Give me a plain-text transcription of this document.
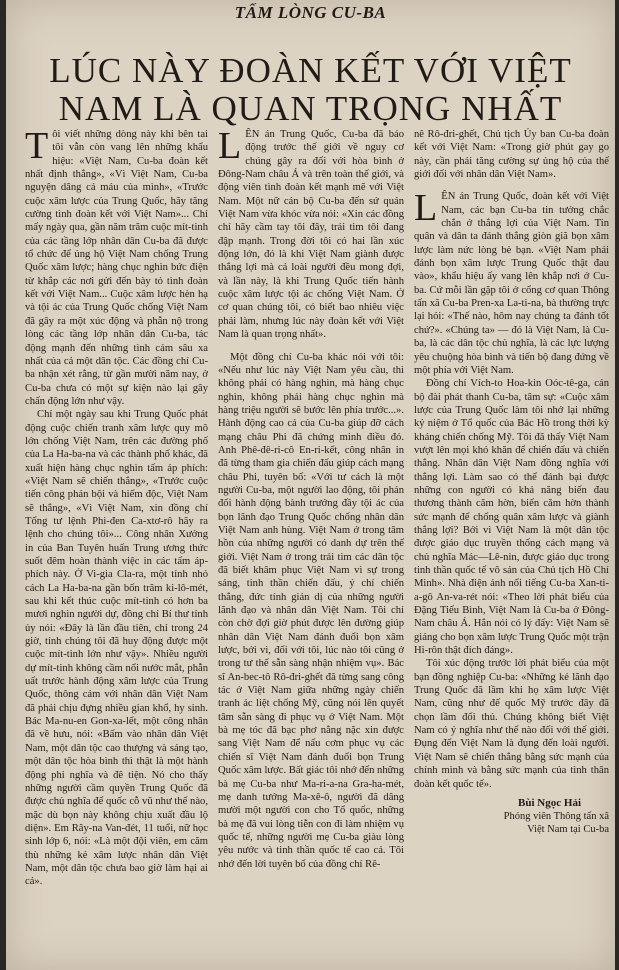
TẤM LÒNG CU-BA
LÚC NÀY ĐOÀN KẾT VỚI VIỆT
NAM LÀ QUAN TRỌNG NHẤT

Tôi viết những dòng này khi bên tai tôi vẫn còn vang lên những khẩu hiệu: «Việt Nam, Cu-ba đoàn kết nhất định thắng», «Vì Việt Nam, Cu-ba nguyện dâng cả máu của mình», «Trước cuộc xâm lược của Trung Quốc, hãy tăng cường tình đoàn kết với Việt Nam»... Chỉ mấy ngày qua, gần năm trăm cuộc mít-tinh của các tầng lớp nhân dân Cu-ba đã được tổ chức để ủng hộ Việt Nam chống Trung Quốc xâm lược; hàng chục nghìn bức điện từ khắp các nơi gửi đến bày tỏ tình đoàn kết với Việt Nam... Cuộc xâm lược hèn hạ và tội ác của Trung Quốc chống Việt Nam đã gây ra một xúc động và phẫn nộ trong lòng các tầng lớp nhân dân Cu-ba, tác động mạnh đến những tình cảm sâu xa nhất của cả một dân tộc. Các đồng chí Cu-ba nhận xét rằng, từ gần mười năm nay, ở Cu-ba chưa có một sự kiện nào lại gây chấn động lớn như vậy.

Chỉ một ngày sau khi Trung Quốc phát động cuộc chiến tranh xâm lược quy mô lớn chống Việt Nam, trên các đường phố của La Ha-ba-na và các thành phố khác, đã xuất hiện hàng chục nghìn tấm áp phích: «Việt Nam sẽ chiến thắng», «Trước cuộc tiến công phản bội và hiếm độc, Việt Nam sẽ thắng», «Vì Việt Nam, xin đồng chí Tổng tư lệnh Phi-đen Ca-xtơ-rô hãy ra lệnh cho chúng tôi»... Công nhân Xưởng in của Ban Tuyên huấn Trung ương thức suốt đêm hoàn thành việc in các tấm áp-phích này. Ở Vi-gia Cla-ra, một tỉnh nhỏ cách La Ha-ba-na gần bốn trăm ki-lô-mét, sau khi kết thúc cuộc mít-tinh có hơn ba mươi nghìn người dự, đồng chí Bí thư tỉnh ủy nói: «Đây là lần đầu tiên, chỉ trong 24 giờ, tỉnh chúng tôi đã huy động được một cuộc mít-tinh lớn như vậy». Nhiều người dự mít-tinh không cầm nổi nước mắt, phẫn uất trước hành động xâm lược của Trung Quốc, thông cảm với nhân dân Việt Nam đã phải chịu đựng nhiều gian khổ, hy sinh. Bác Ma-nu-en Gon-xa-lết, một công nhân đã về hưu, nói: «Bấm vào nhân dân Việt Nam, một dân tộc cao thượng và sáng tạo, một dân tộc hòa bình thì thật là một hành động phi nghĩa và đê tiện. Nó cho thấy những người cầm quyền Trung Quốc đã được chủ nghĩa để quốc cỗ vũ như thế nào, mặc dù bọn này không chịu xuất đầu lộ diện». Em Rây-na Van-đét, 11 tuổi, nữ học sinh lớp 6, nói: «Là một đội viên, em căm thù những kẻ xâm lược nhân dân Việt Nam, một dân tộc chưa bao giờ làm hại ai cả».

LÊN án Trung Quốc, Cu-ba đã báo động trước thế giới về nguy cơ chúng gây ra đối với hòa bình ở Đông-Nam châu Á và trên toàn thế giới, và động viên tình đoàn kết mạnh mẽ với Việt Nam. Một nữ cán bộ Cu-ba đến sứ quán Việt Nam vừa khóc vừa nói: «Xin các đồng chí hãy cầm tay tôi đây, trái tim tôi đang đập mạnh. Trong đời tôi có hai lần xúc động lớn, đó là khi Việt Nam giành được thắng lợi mà cả loài người đều mong đợi, và lần này, là khi Trung Quốc tiến hành cuộc xâm lược tội ác chống Việt Nam. Ở cơ quan chúng tôi, có biết bao nhiêu việc phải làm, nhưng lúc này đoàn kết với Việt Nam là quan trọng nhất».

Một đồng chí Cu-ba khác nói với tôi: «Nếu như lúc này Việt Nam yêu cầu, thì không phải có hàng nghìn, mà hàng chục nghìn, không phải hàng chục nghìn mà hàng triệu người sẽ bước lên phía trước...». Hành động cao cả của Cu-ba giúp đỡ cách mạng châu Phi đã chứng minh điều đó. Anh Phê-đê-ri-cô En-ri-kết, công nhân in đã từng tham gia chiến đấu giúp cách mạng châu Phi, tuyên bố: «Với tư cách là một người Cu-ba, một người lao động, tôi phản đối hành động bành trướng đầy tội ác của bọn lãnh đạo Trung Quốc chống nhân dân Việt Nam anh hùng. Việt Nam ở trong tâm hồn của những người có danh dự trên thế giới. Việt Nam ở trong trái tim các dân tộc đã biết khâm phục Việt Nam vì sự trong sáng, tinh thần chiến đấu, ý chí chiến thắng, đức tính giản dị của những người lãnh đạo và nhân dân Việt Nam. Tôi chỉ còn chờ đợi giờ phút được lên đường giúp nhân dân Việt Nam đánh đuổi bọn xâm lược, bởi vì, đối với tôi, lúc nào tôi cũng ở trong tư thế sẵn sàng nhận nhiệm vụ». Bác sĩ An-bec-tô Rô-đri-ghết đã từng sang công tác ở Việt Nam giữa những ngày chiến tranh ác liệt chống Mỹ, cũng nói lên quyết tâm sẵn sàng đi phục vụ ở Việt Nam. Một bà mẹ tóc đã bạc phơ nằng nặc xin được sang Việt Nam để nấu cơm phục vụ các chiến sĩ Việt Nam đánh đuổi bọn Trung Quốc xâm lược. Bất giác tôi nhớ đến những bà mẹ Cu-ba như Ma-ri-a-na Gra-ha-mét, mẹ danh tướng Ma-xê-ô, người đã dâng mười một người con cho Tổ quốc, những bà mẹ đã vui lòng tiễn con đi làm nhiệm vụ quốc tế, những người mẹ Cu-ba giàu lòng yêu nước và tinh thần quốc tế cao cả. Tôi nhớ đến lời tuyên bố của đồng chí Rê-

nê Rô-đri-ghết, Chủ tịch Ủy ban Cu-ba đoàn kết với Việt Nam: «Trong giờ phút gay go này, cần phải tăng cường sự ủng hộ của thế giới đối với nhân dân Việt Nam».

LÊN án Trung Quốc, đoàn kết với Việt Nam, các bạn Cu-ba tin tưởng chắc chắn ở thắng lợi của Việt Nam. Tin quân và dân ta đánh thắng giòn giã bọn xâm lược làm nức lòng bè bạn. «Việt Nam phải đánh bọn xâm lược Trung Quốc thật đau vào», khẩu hiệu ấy vang lên khắp nơi ở Cu-ba. Cứ mỗi lần gặp tôi ở cổng cơ quan Thông tấn xã Cu-ba Pren-xa La-ti-na, bà thường trực lại hỏi: «Thế nào, hôm nay chúng ta đánh tốt chứ?». «Chúng ta» — đó là Việt Nam, là Cu-ba, là các dân tộc chủ nghĩa, là các lực lượng yêu chuộng hòa bình và tiến bộ đang đứng về một phía với Việt Nam.

Đồng chí Vích-to Hoa-kin Oóc-tê-ga, cán bộ đài phát thanh Cu-ba, tâm sự: «Cuộc xâm lược của Trung Quốc làm tôi nhớ lại những kỷ niệm ở Tổ quốc của Bác Hồ trong thời kỳ kháng chiến chống Mỹ. Tôi đã thấy Việt Nam vượt lên mọi khó khăn để chiến đấu và chiến thắng. Nhân dân Việt Nam đồng nghĩa với thắng lợi. Làm sao có thể đánh bại được những con người có khả năng biến đau thương thành căm hờn, biến căm hờn thành sức mạnh để chống quân xâm lược và giành thắng lợi? Bởi vì Việt Nam là một dân tộc được giáo dục truyền thống cách mạng và chủ nghĩa Mác—Lê-nin, được giáo dục trong tinh thần quốc tế vô sản của Chủ tịch Hồ Chí Minh». Nhà điện ảnh nổi tiếng Cu-ba Xan-ti-a-gô An-va-rét nói: «Theo lời phát biểu của Đặng Tiểu Bình, Việt Nam là Cu-ba ở Đông-Nam châu Á. Hắn nói có lý đấy: Việt Nam sẽ giáng cho bọn xâm lược Trung Quốc một trận Hi-rôn thật đích đáng».

Tôi xúc động trước lời phát biểu của một bạn đồng nghiệp Cu-ba: «Những kẻ lãnh đạo Trung Quốc đã lầm khi họ xâm lược Việt Nam, cũng như đế quốc Mỹ trước đây đã chọn lầm đối thủ. Chúng không biết Việt Nam có ý nghĩa như thế nào đối với thế giới. Đụng đến Việt Nam là đụng đến loài người. Việt Nam sẽ chiến thắng bằng sức mạnh của chính mình và bằng sức mạnh của tình thân đoàn kết quốc tế».

Bùi Ngọc Hải
Phóng viên Thông tấn xã
Việt Nam tại Cu-ba
